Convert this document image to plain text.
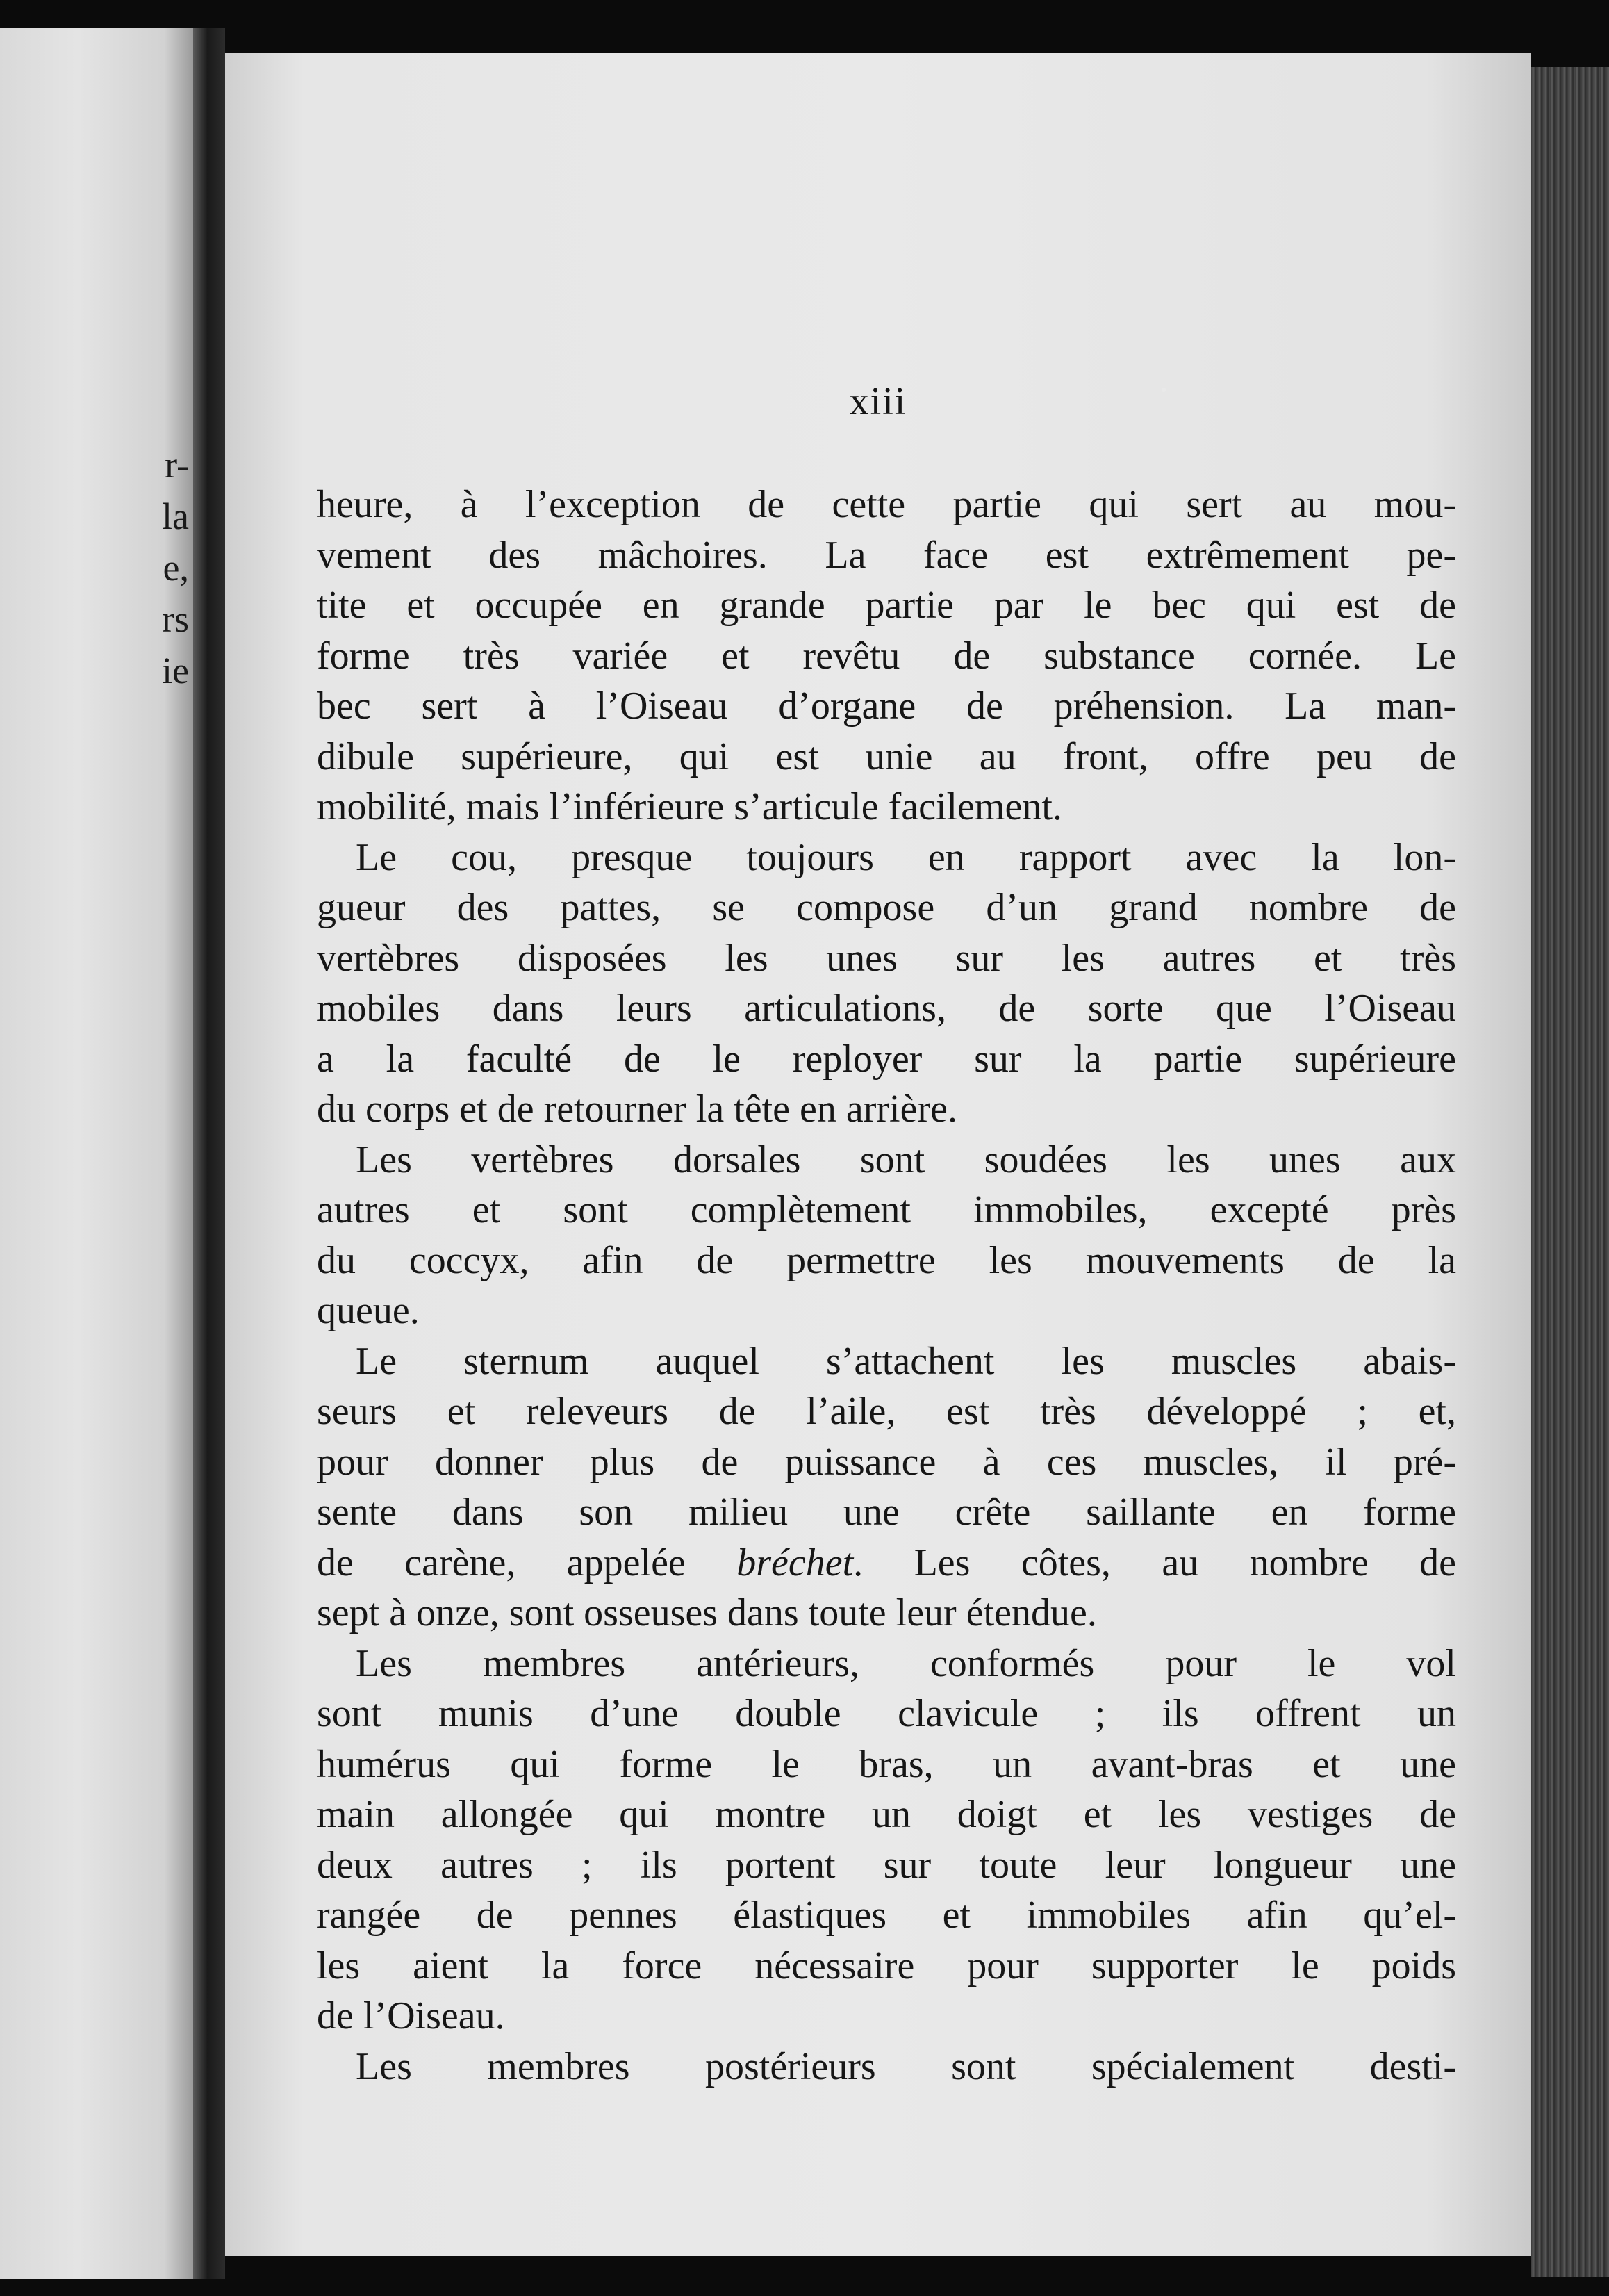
r-
la
e,
rs
ie
xiii
heure, à l’exception de cette partie qui sert au mou-
vement des mâchoires. La face est extrêmement pe-
tite et occupée en grande partie par le bec qui est de
forme très variée et revêtu de substance cornée. Le
bec sert à l’Oiseau d’organe de préhension. La man-
dibule supérieure, qui est unie au front, offre peu de
mobilité, mais l’inférieure s’articule facilement.
Le cou, presque toujours en rapport avec la lon-
gueur des pattes, se compose d’un grand nombre de
vertèbres disposées les unes sur les autres et très
mobiles dans leurs articulations, de sorte que l’Oiseau
a la faculté de le reployer sur la partie supérieure
du corps et de retourner la tête en arrière.
Les vertèbres dorsales sont soudées les unes aux
autres et sont complètement immobiles, excepté près
du coccyx, afin de permettre les mouvements de la
queue.
Le sternum auquel s’attachent les muscles abais-
seurs et releveurs de l’aile, est très développé ; et,
pour donner plus de puissance à ces muscles, il pré-
sente dans son milieu une crête saillante en forme
de carène, appelée bréchet. Les côtes, au nombre de
sept à onze, sont osseuses dans toute leur étendue.
Les membres antérieurs, conformés pour le vol
sont munis d’une double clavicule ; ils offrent un
humérus qui forme le bras, un avant-bras et une
main allongée qui montre un doigt et les vestiges de
deux autres ; ils portent sur toute leur longueur une
rangée de pennes élastiques et immobiles afin qu’el-
les aient la force nécessaire pour supporter le poids
de l’Oiseau.
Les membres postérieurs sont spécialement desti-
